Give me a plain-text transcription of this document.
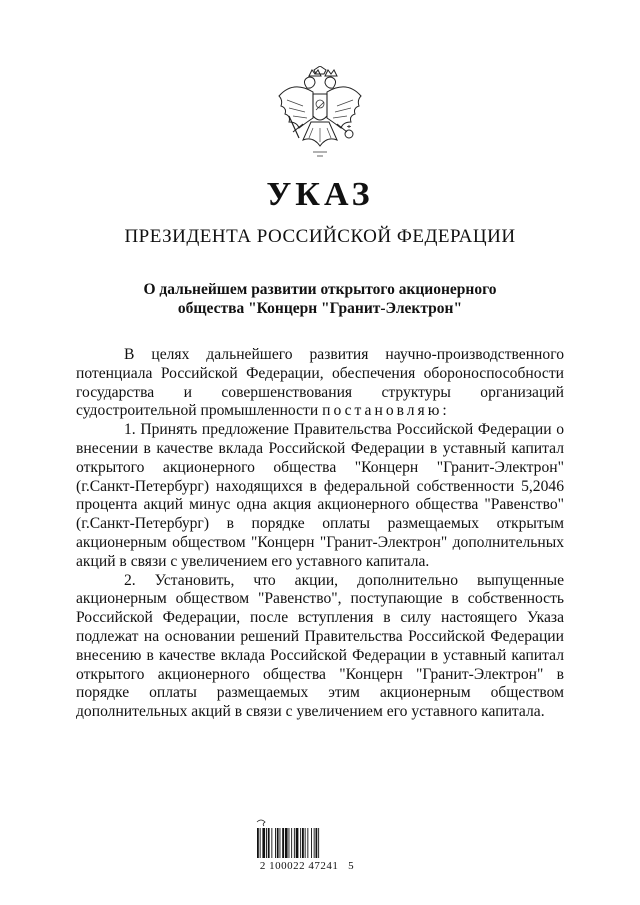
УКАЗ
ПРЕЗИДЕНТА РОССИЙСКОЙ ФЕДЕРАЦИИ
О дальнейшем развитии открытого акционерного
общества "Концерн "Гранит-Электрон"

В целях дальнейшего развития научно-производственного потенциала Российской Федерации, обеспечения обороноспособности государства и совершенствования структуры организаций судостроительной промышленности постановляю:

1. Принять предложение Правительства Российской Федерации о внесении в качестве вклада Российской Федерации в уставный капитал открытого акционерного общества "Концерн "Гранит-Электрон" (г.Санкт-Петербург) находящихся в федеральной собственности 5,2046 процента акций минус одна акция акционерного общества "Равенство" (г.Санкт-Петербург) в порядке оплаты размещаемых открытым акционерным обществом "Концерн "Гранит-Электрон" дополнительных акций в связи с увеличением его уставного капитала.

2. Установить, что акции, дополнительно выпущенные акционерным обществом "Равенство", поступающие в собственность Российской Федерации, после вступления в силу настоящего Указа подлежат на основании решений Правительства Российской Федерации внесению в качестве вклада Российской Федерации в уставный капитал открытого акционерного общества "Концерн "Гранит-Электрон" в порядке оплаты размещаемых этим акционерным обществом дополнительных акций в связи с увеличением его уставного капитала.

2 100022 47241   5
